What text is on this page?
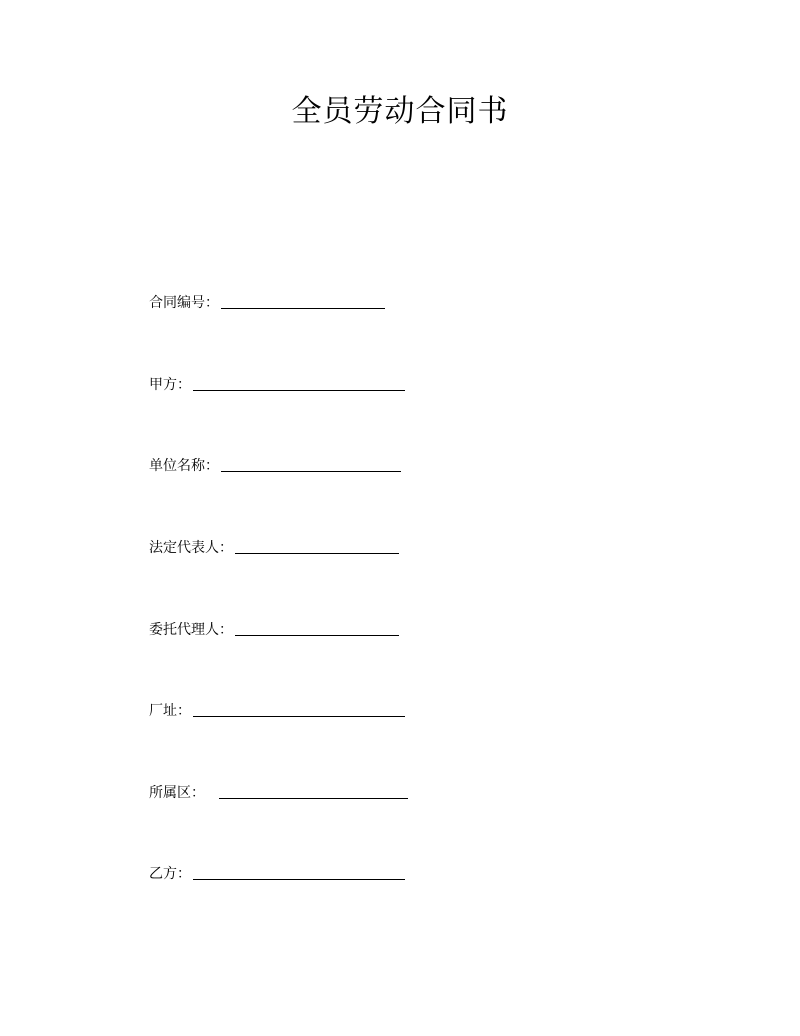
全员劳动合同书
合同编号：
甲方：
单位名称：
法定代表人：
委托代理人：
厂址：
所属区：
乙方：
